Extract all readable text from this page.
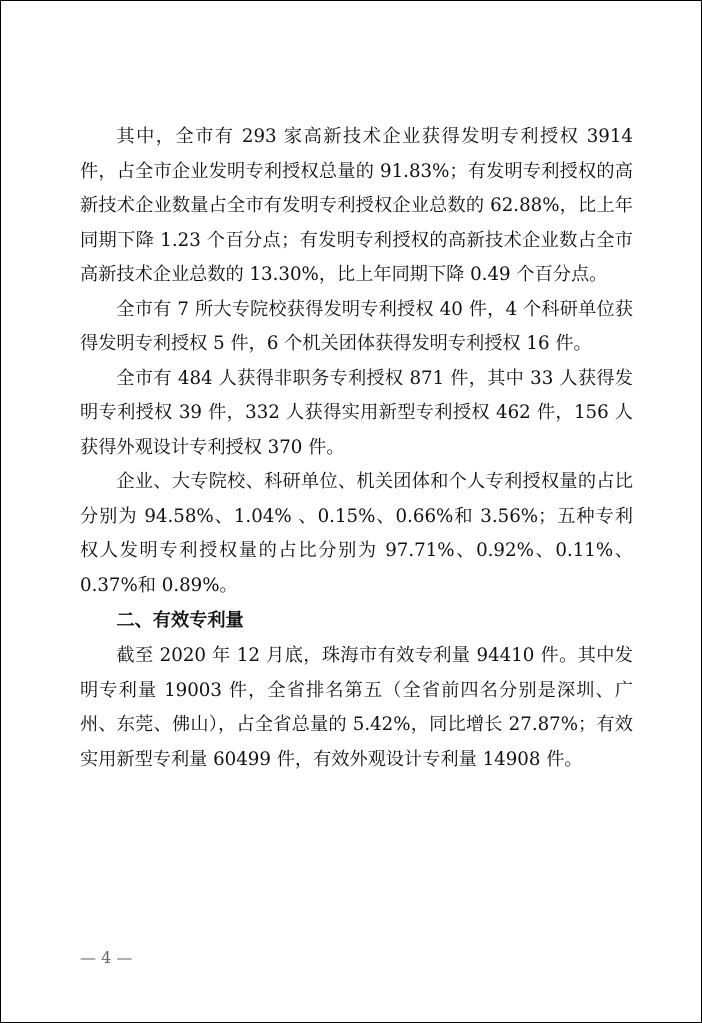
其中，全市有 293 家高新技术企业获得发明专利授权 3914 件，占全市企业发明专利授权总量的 91.83%；有发明专利授权的高新技术企业数量占全市有发明专利授权企业总数的 62.88%，比上年同期下降 1.23 个百分点；有发明专利授权的高新技术企业数占全市高新技术企业总数的 13.30%，比上年同期下降 0.49 个百分点。

全市有 7 所大专院校获得发明专利授权 40 件，4 个科研单位获得发明专利授权 5 件，6 个机关团体获得发明专利授权 16 件。

全市有 484 人获得非职务专利授权 871 件，其中 33 人获得发明专利授权 39 件，332 人获得实用新型专利授权 462 件，156 人获得外观设计专利授权 370 件。

企业、大专院校、科研单位、机关团体和个人专利授权量的占比分别为 94.58%、1.04% 、0.15%、0.66%和 3.56%；五种专利权人发明专利授权量的占比分别为 97.71%、0.92%、0.11%、0.37%和 0.89%。

二、有效专利量

截至 2020 年 12 月底，珠海市有效专利量 94410 件。其中发明专利量 19003 件，全省排名第五（全省前四名分别是深圳、广州、东莞、佛山），占全省总量的 5.42%，同比增长 27.87%；有效实用新型专利量 60499 件，有效外观设计专利量 14908 件。

— 4 —
